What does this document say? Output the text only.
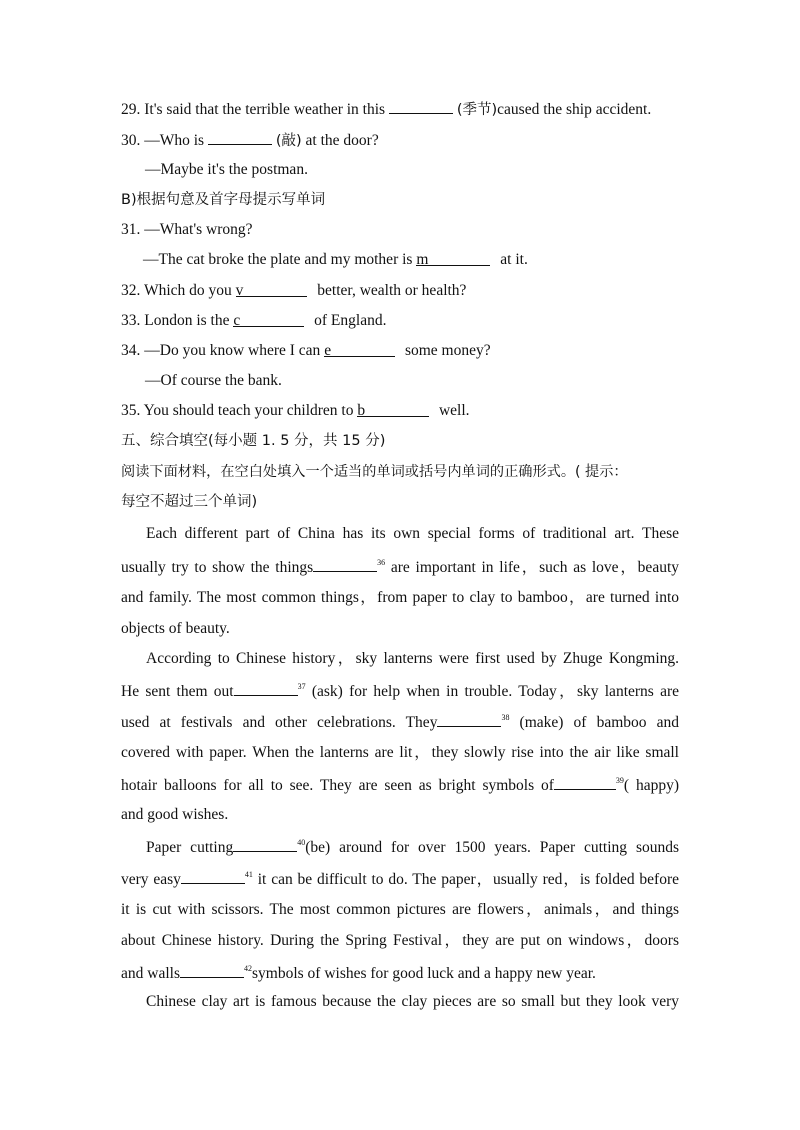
29. It's said that the terrible weather in this	(季节)caused the ship accident.
30. —Who is	(敲) at the door?
—Maybe it's the postman.
B)根据句意及首字母提示写单词
31. —What's wrong?
—The cat broke the plate and my mother is m	at it.
32. Which do you v	better, wealth or health?
33. London is the c	of England.
34. —Do you know where I can e	some money?
—Of course the bank.
35. You should teach your children to b	well.
五、综合填空(每小题 1. 5 分，共 15 分)
阅读下面材料，在空白处填入一个适当的单词或括号内单词的正确形式。( 提示：
每空不超过三个单词)
Each different part of China has its own special forms of traditional art. These
usually try to show the things	$^{36}$ are important in life，such as love，beauty
and family. The most common things，from paper to clay to bamboo，are turned into
objects of beauty.
According to Chinese history，sky lanterns were first used by Zhuge Kongming.
He sent them out	$^{37}$ (ask) for help when in trouble. Today，sky lanterns are
used at festivals and other celebrations. They	$^{38}$ (make) of bamboo and
covered with paper. When the lanterns are lit，they slowly rise into the air like small
hotair balloons for all to see. They are seen as bright symbols of	$^{39}$( happy)
and good wishes.
Paper cutting	$^{40}$(be) around for over 1500 years. Paper cutting sounds
very easy	$^{41}$ it can be difficult to do. The paper，usually red，is folded before
it is cut with scissors. The most common pictures are flowers，animals，and things
about Chinese history. During the Spring Festival，they are put on windows，doors
and walls	$^{42}$symbols of wishes for good luck and a happy new year.
Chinese clay art is famous because the clay pieces are so small but they look very
